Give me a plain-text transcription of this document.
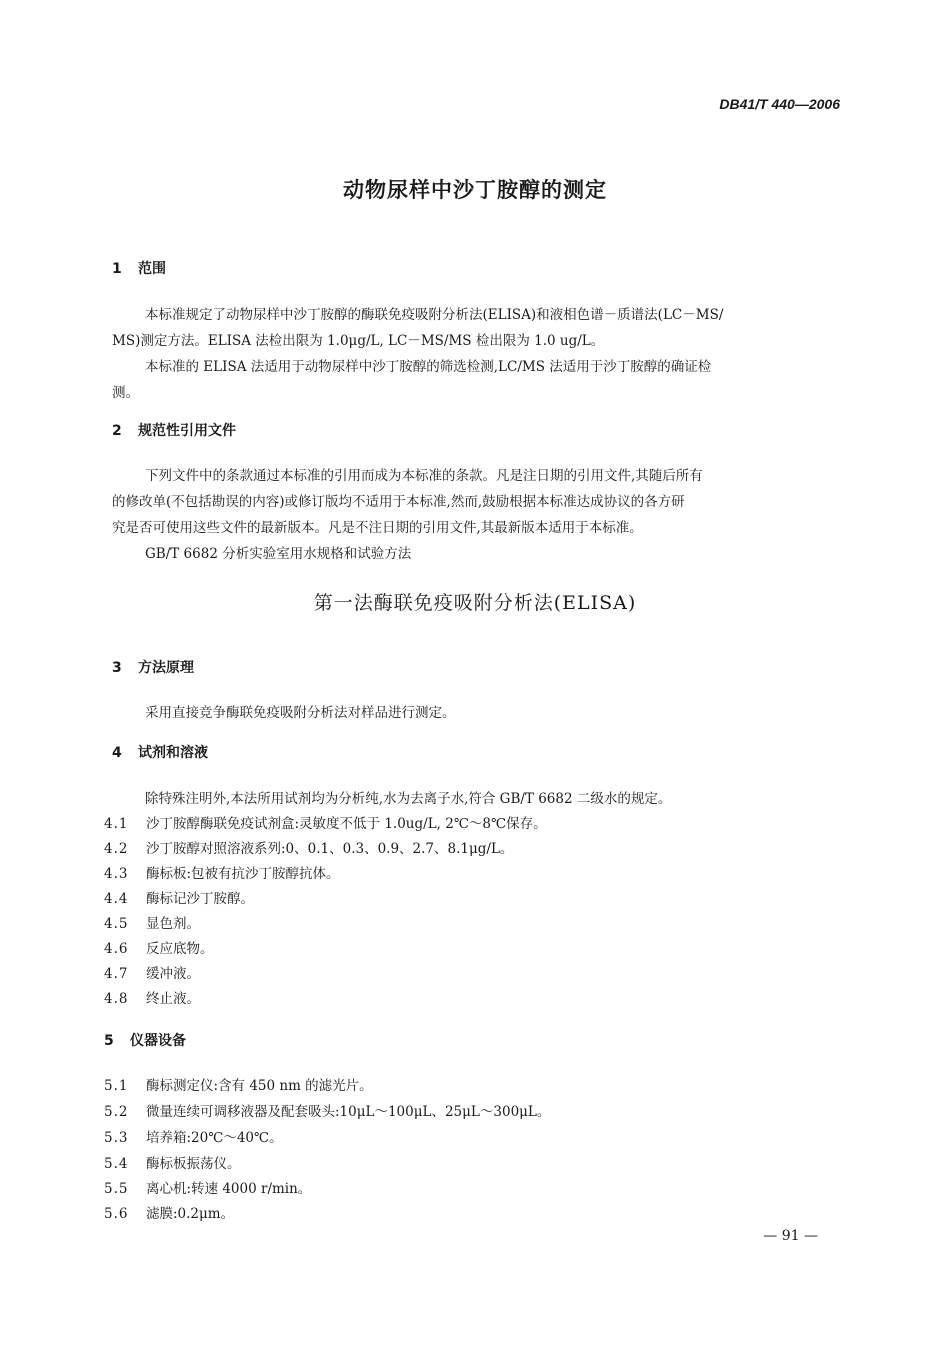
DB41/T 440—2006
动物尿样中沙丁胺醇的测定
1 范围
本标准规定了动物尿样中沙丁胺醇的酶联免疫吸附分析法(ELISA)和液相色谱－质谱法(LC－MS/
MS)测定方法。ELISA 法检出限为 1.0μg/L, LC－MS/MS 检出限为 1.0 ug/L。
本标准的 ELISA 法适用于动物尿样中沙丁胺醇的筛选检测,LC/MS 法适用于沙丁胺醇的确证检
测。
2 规范性引用文件
下列文件中的条款通过本标准的引用而成为本标准的条款。凡是注日期的引用文件,其随后所有
的修改单(不包括勘误的内容)或修订版均不适用于本标准,然而,鼓励根据本标准达成协议的各方研
究是否可使用这些文件的最新版本。凡是不注日期的引用文件,其最新版本适用于本标准。
GB/T 6682 分析实验室用水规格和试验方法
第一法酶联免疫吸附分析法(ELISA)
3 方法原理
采用直接竞争酶联免疫吸附分析法对样品进行测定。
4 试剂和溶液
除特殊注明外,本法所用试剂均为分析纯,水为去离子水,符合 GB/T 6682 二级水的规定。
4.1 沙丁胺醇酶联免疫试剂盒:灵敏度不低于 1.0ug/L, 2℃～8℃保存。
4.2 沙丁胺醇对照溶液系列:0、0.1、0.3、0.9、2.7、8.1μg/L。
4.3 酶标板:包被有抗沙丁胺醇抗体。
4.4 酶标记沙丁胺醇。
4.5 显色剂。
4.6 反应底物。
4.7 缓冲液。
4.8 终止液。
5 仪器设备
5.1 酶标测定仪:含有 450 nm 的滤光片。
5.2 微量连续可调移液器及配套吸头:10μL～100μL、25μL～300μL。
5.3 培养箱:20℃～40℃。
5.4 酶标板振荡仪。
5.5 离心机:转速 4000 r/min。
5.6 滤膜:0.2μm。
— 91 —
